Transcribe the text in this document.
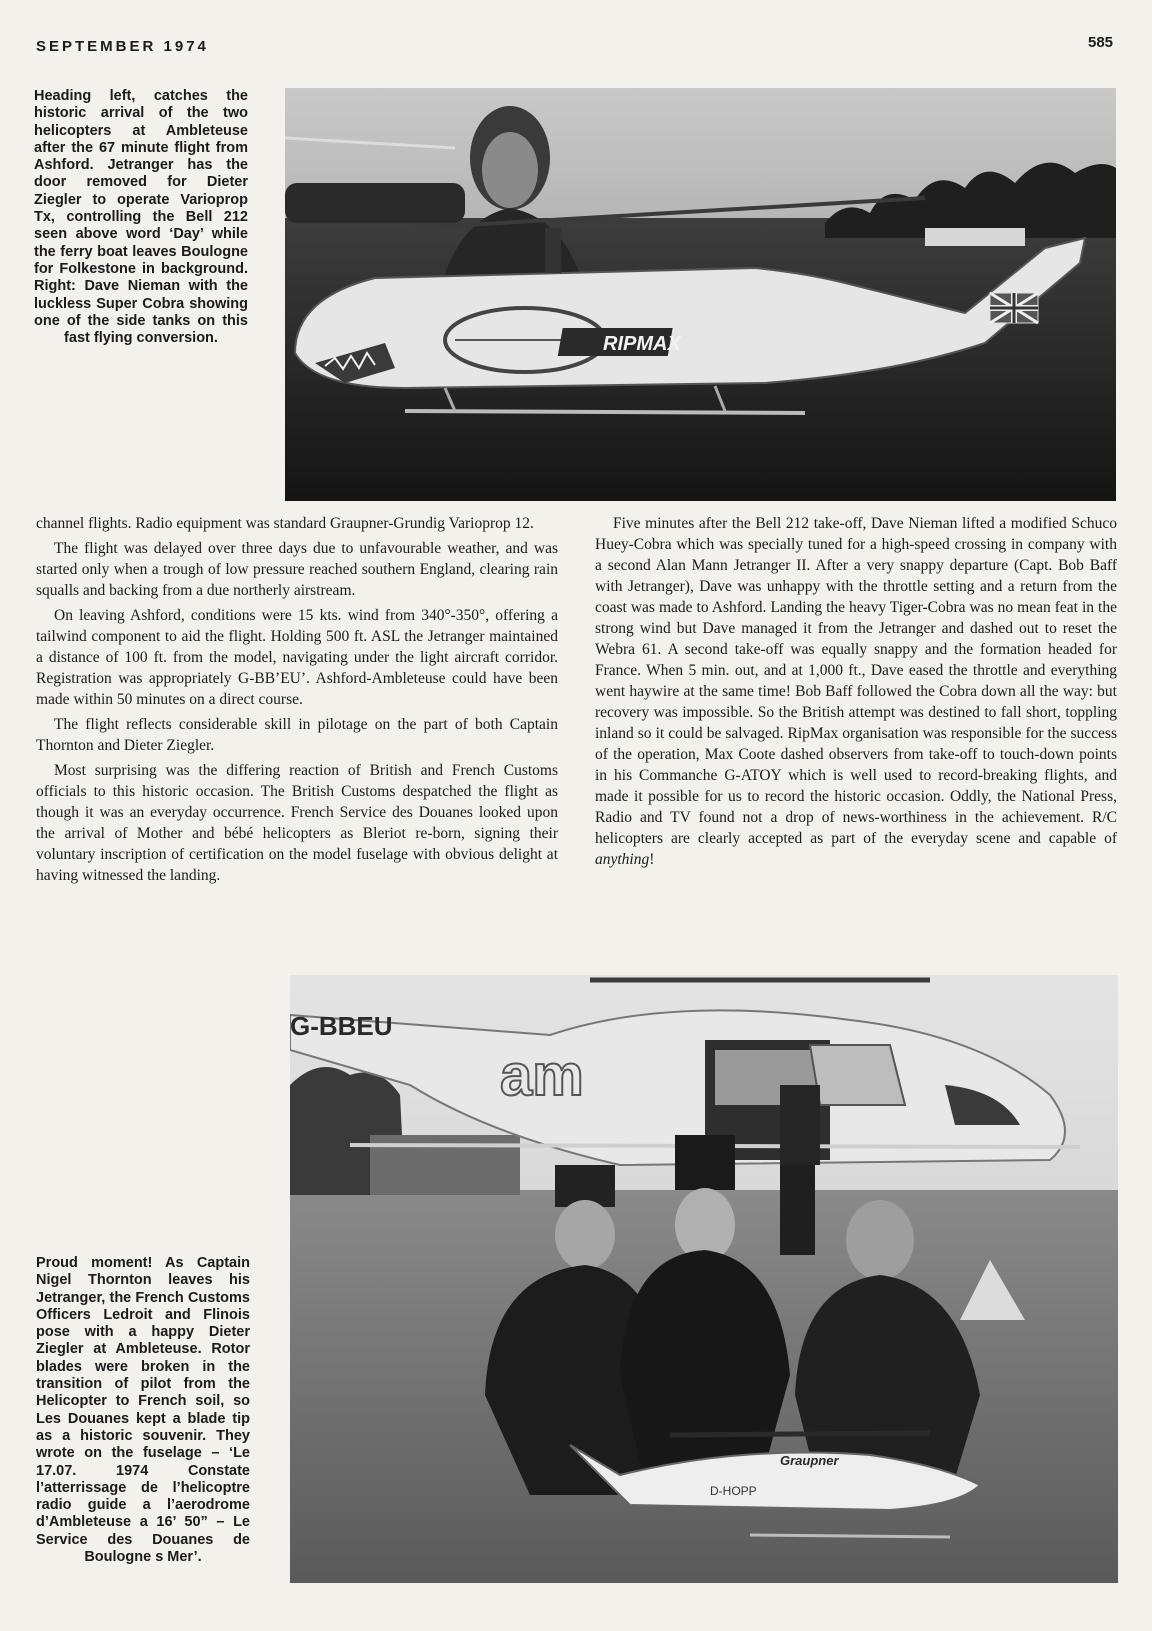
SEPTEMBER 1974	585
Heading left, catches the historic arrival of the two helicopters at Ambleteuse after the 67 minute flight from Ashford. Jetranger has the door removed for Dieter Ziegler to operate Varioprop Tx, controlling the Bell 212 seen above word ‘Day’ while the ferry boat leaves Boulogne for Folkestone in background. Right: Dave Nieman with the luckless Super Cobra showing one of the side tanks on this fast flying conversion.	RIPMAX

channel flights. Radio equipment was standard Graupner-Grundig Varioprop 12.

The flight was delayed over three days due to unfavourable weather, and was started only when a trough of low pressure reached southern England, clearing rain squalls and backing from a due northerly airstream.

On leaving Ashford, conditions were 15 kts. wind from 340°-350°, offering a tailwind component to aid the flight. Holding 500 ft. ASL the Jetranger maintained a distance of 100 ft. from the model, navigating under the light aircraft corridor. Registration was appropriately G-BB’EU’. Ashford-Ambleteuse could have been made within 50 minutes on a direct course.

The flight reflects considerable skill in pilotage on the part of both Captain Thornton and Dieter Ziegler.

Most surprising was the differing reaction of British and French Customs officials to this historic occasion. The British Customs despatched the flight as though it was an everyday occurrence. French Service des Douanes looked upon the arrival of Mother and bébé helicopters as Bleriot re-born, signing their voluntary inscription of certification on the model fuselage with obvious delight at having witnessed the landing.

Five minutes after the Bell 212 take-off, Dave Nieman lifted a modified Schuco Huey-Cobra which was specially tuned for a high-speed crossing in company with a second Alan Mann Jetranger II. After a very snappy departure (Capt. Bob Baff with Jetranger), Dave was unhappy with the throttle setting and a return from the coast was made to Ashford. Landing the heavy Tiger-Cobra was no mean feat in the strong wind but Dave managed it from the Jetranger and dashed out to reset the Webra 61. A second take-off was equally snappy and the formation headed for France. When 5 min. out, and at 1,000 ft., Dave eased the throttle and everything went haywire at the same time! Bob Baff followed the Cobra down all the way: but recovery was impossible. So the British attempt was destined to fall short, toppling inland so it could be salvaged. RipMax organisation was responsible for the success of the operation, Max Coote dashed observers from take-off to touch-down points in his Commanche G-ATOY which is well used to record-breaking flights, and made it possible for us to record the historic occasion. Oddly, the National Press, Radio and TV found not a drop of news-worthiness in the achievement. R/C helicopters are clearly accepted as part of the everyday scene and capable of anything!

G-BBEU
am
Graupner
D-HOPP
Proud moment! As Captain Nigel Thornton leaves his Jetranger, the French Customs Officers Ledroit and Flinois pose with a happy Dieter Ziegler at Ambleteuse. Rotor blades were broken in the transition of pilot from the Helicopter to French soil, so Les Douanes kept a blade tip as a historic souvenir. They wrote on the fuselage – ‘Le 17.07. 1974 Constate l’atterrissage de l’helicoptre radio guide a l’aerodrome d’Ambleteuse a 16’ 50” – Le Service des Douanes de Boulogne s Mer’.
